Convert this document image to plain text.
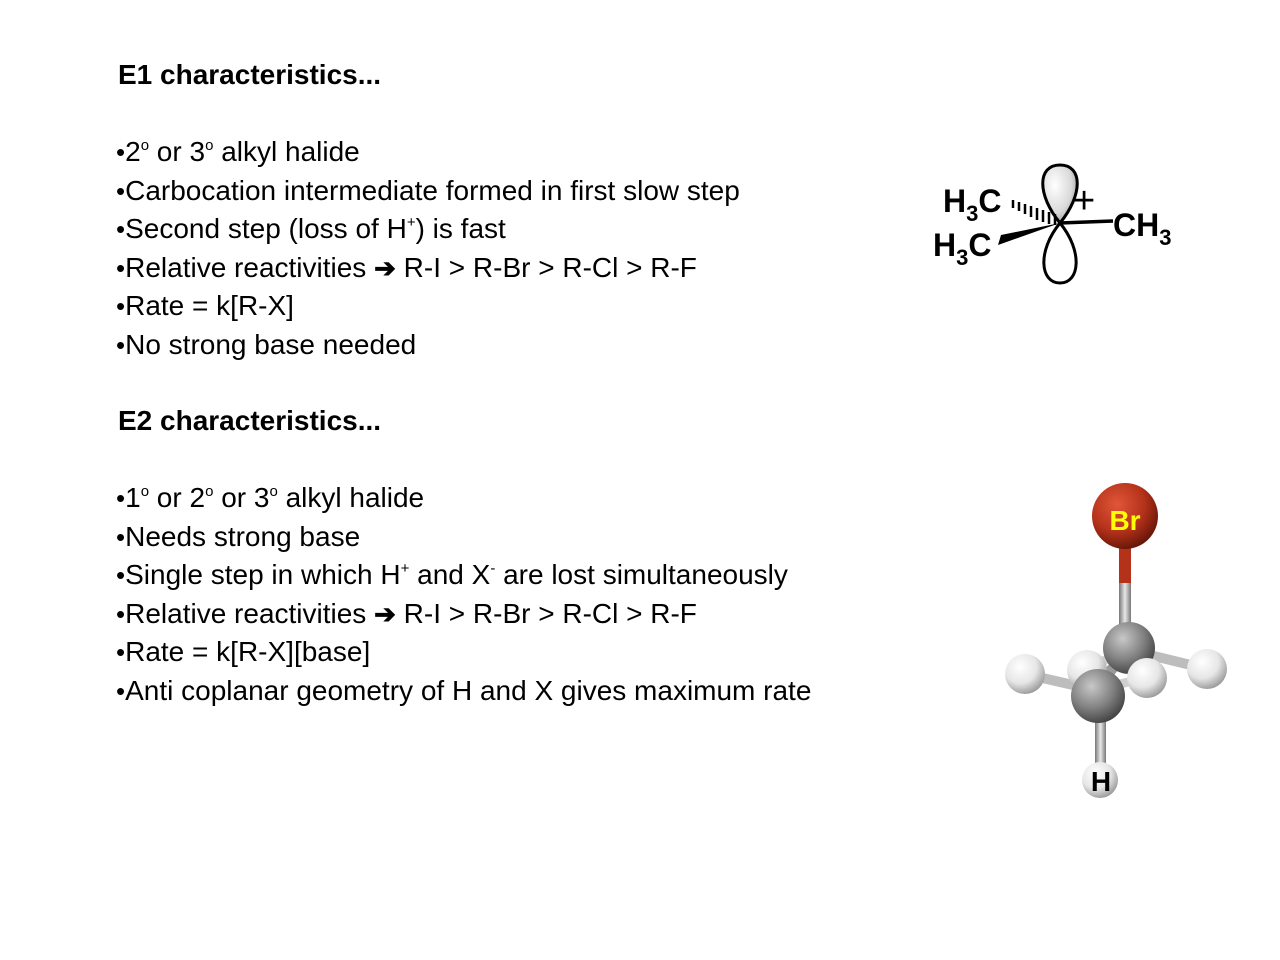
E1 characteristics...
•2$^o$ or 3$^o$ alkyl halide
•Carbocation intermediate formed in first slow step
•Second step (loss of H+) is fast
•Relative reactivities ➔ R-I > R-Br > R-Cl > R-F
•Rate = k[R-X]
•No strong base needed
E2 characteristics...
•1$^o$ or 2$^o$ or 3$^o$ alkyl halide
•Needs strong base
•Single step in which H+ and X- are lost simultaneously
•Relative reactivities ➔ R-I > R-Br > R-Cl > R-F
•Rate = k[R-X][base]
•Anti coplanar geometry of H and X gives maximum rate
$H_3C$
$H_3C$
$CH_3$
+
Br
H
